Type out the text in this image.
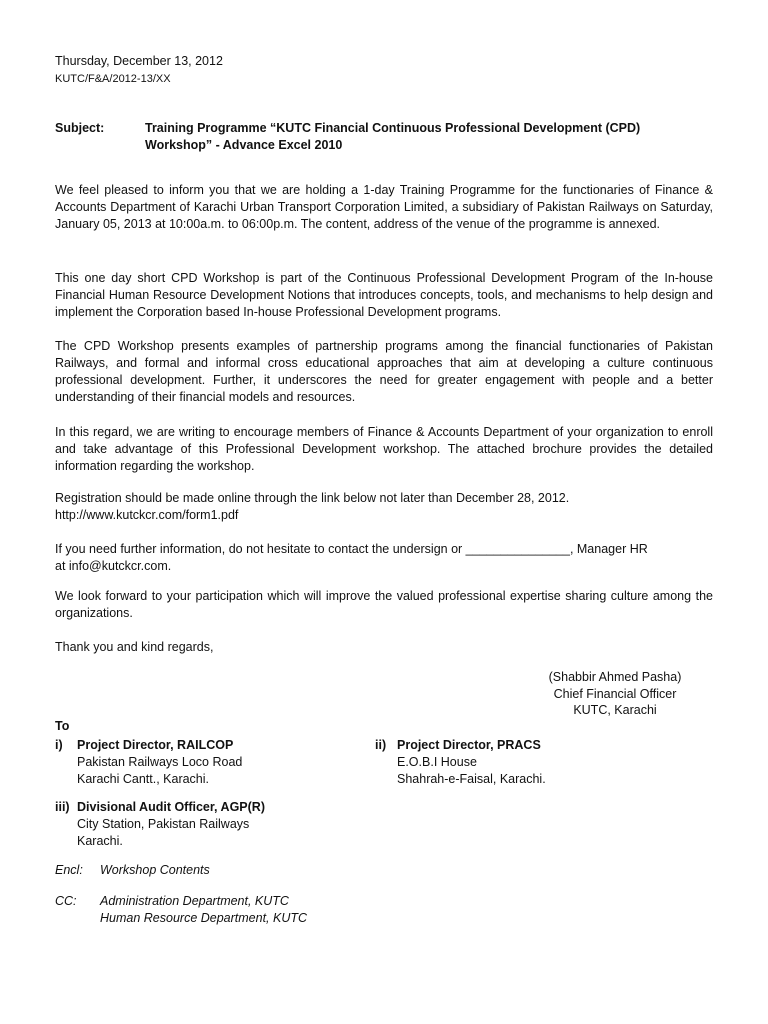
Thursday, December 13, 2012
KUTC/F&A/2012-13/XX
Subject:	Training Programme “KUTC Financial Continuous Professional Development (CPD)
Workshop” - Advance Excel 2010
We feel pleased to inform you that we are holding a 1-day Training Programme for the functionaries of Finance & Accounts Department of Karachi Urban Transport Corporation Limited, a subsidiary of Pakistan Railways on Saturday, January 05, 2013 at 10:00a.m. to 06:00p.m. The content, address of the venue of the programme is annexed.
This one day short CPD Workshop is part of the Continuous Professional Development Program of the In-house Financial Human Resource Development Notions that introduces concepts, tools, and mechanisms to help design and implement the Corporation based In-house Professional Development programs.
The CPD Workshop presents examples of partnership programs among the financial functionaries of Pakistan Railways, and formal and informal cross educational approaches that aim at developing a culture continuous professional development. Further, it underscores the need for greater engagement with people and a better understanding of their financial models and resources.
In this regard, we are writing to encourage members of Finance & Accounts Department of your organization to enroll and take advantage of this Professional Development workshop. The attached brochure provides the detailed information regarding the workshop.
Registration should be made online through the link below not later than December 28, 2012.
http://www.kutckcr.com/form1.pdf
If you need further information, do not hesitate to contact the undersign or _______________, Manager HR
at info@kutckcr.com.
We look forward to your participation which will improve the valued professional expertise sharing culture among the organizations.
Thank you and kind regards,
(Shabbir Ahmed Pasha)
Chief Financial Officer
KUTC, Karachi
To
i) Project Director, RAILCOP
Pakistan Railways Loco Road
Karachi Cantt., Karachi.
ii) Project Director, PRACS
E.O.B.I House
Shahrah-e-Faisal, Karachi.
iii) Divisional Audit Officer, AGP(R)
City Station, Pakistan Railways
Karachi.
Encl: Workshop Contents
CC: Administration Department, KUTC
Human Resource Department, KUTC
